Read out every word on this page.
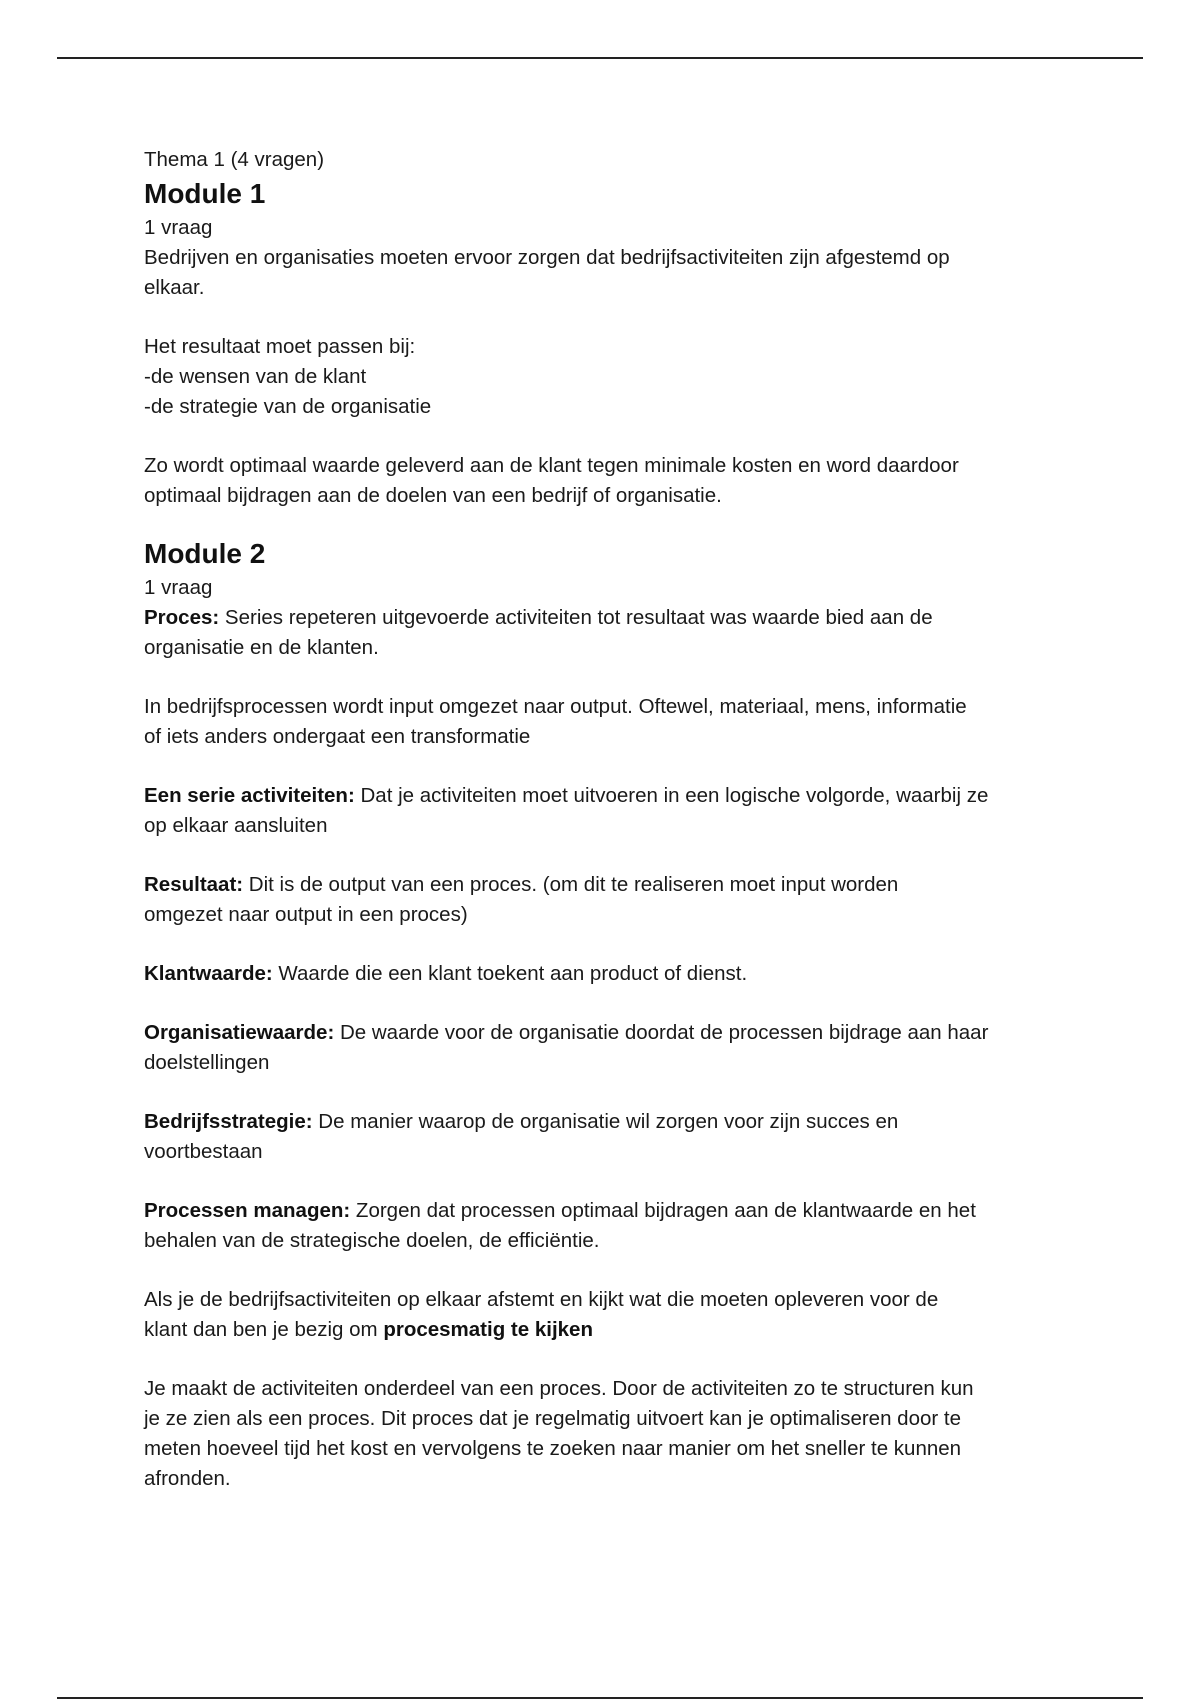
Thema 1 (4 vragen)
Module 1
1 vraag
Bedrijven en organisaties moeten ervoor zorgen dat bedrijfsactiviteiten zijn afgestemd op
elkaar.
Het resultaat moet passen bij:
-de wensen van de klant
-de strategie van de organisatie
Zo wordt optimaal waarde geleverd aan de klant tegen minimale kosten en word daardoor
optimaal bijdragen aan de doelen van een bedrijf of organisatie.
Module 2
1 vraag
Proces: Series repeteren uitgevoerde activiteiten tot resultaat was waarde bied aan de
organisatie en de klanten.
In bedrijfsprocessen wordt input omgezet naar output. Oftewel, materiaal, mens, informatie
of iets anders ondergaat een transformatie
Een serie activiteiten: Dat je activiteiten moet uitvoeren in een logische volgorde, waarbij ze
op elkaar aansluiten
Resultaat: Dit is de output van een proces. (om dit te realiseren moet input worden
omgezet naar output in een proces)
Klantwaarde: Waarde die een klant toekent aan product of dienst.
Organisatiewaarde: De waarde voor de organisatie doordat de processen bijdrage aan haar
doelstellingen
Bedrijfsstrategie: De manier waarop de organisatie wil zorgen voor zijn succes en
voortbestaan
Processen managen: Zorgen dat processen optimaal bijdragen aan de klantwaarde en het
behalen van de strategische doelen, de efficiëntie.
Als je de bedrijfsactiviteiten op elkaar afstemt en kijkt wat die moeten opleveren voor de
klant dan ben je bezig om procesmatig te kijken
Je maakt de activiteiten onderdeel van een proces. Door de activiteiten zo te structuren kun
je ze zien als een proces. Dit proces dat je regelmatig uitvoert kan je optimaliseren door te
meten hoeveel tijd het kost en vervolgens te zoeken naar manier om het sneller te kunnen
afronden.
